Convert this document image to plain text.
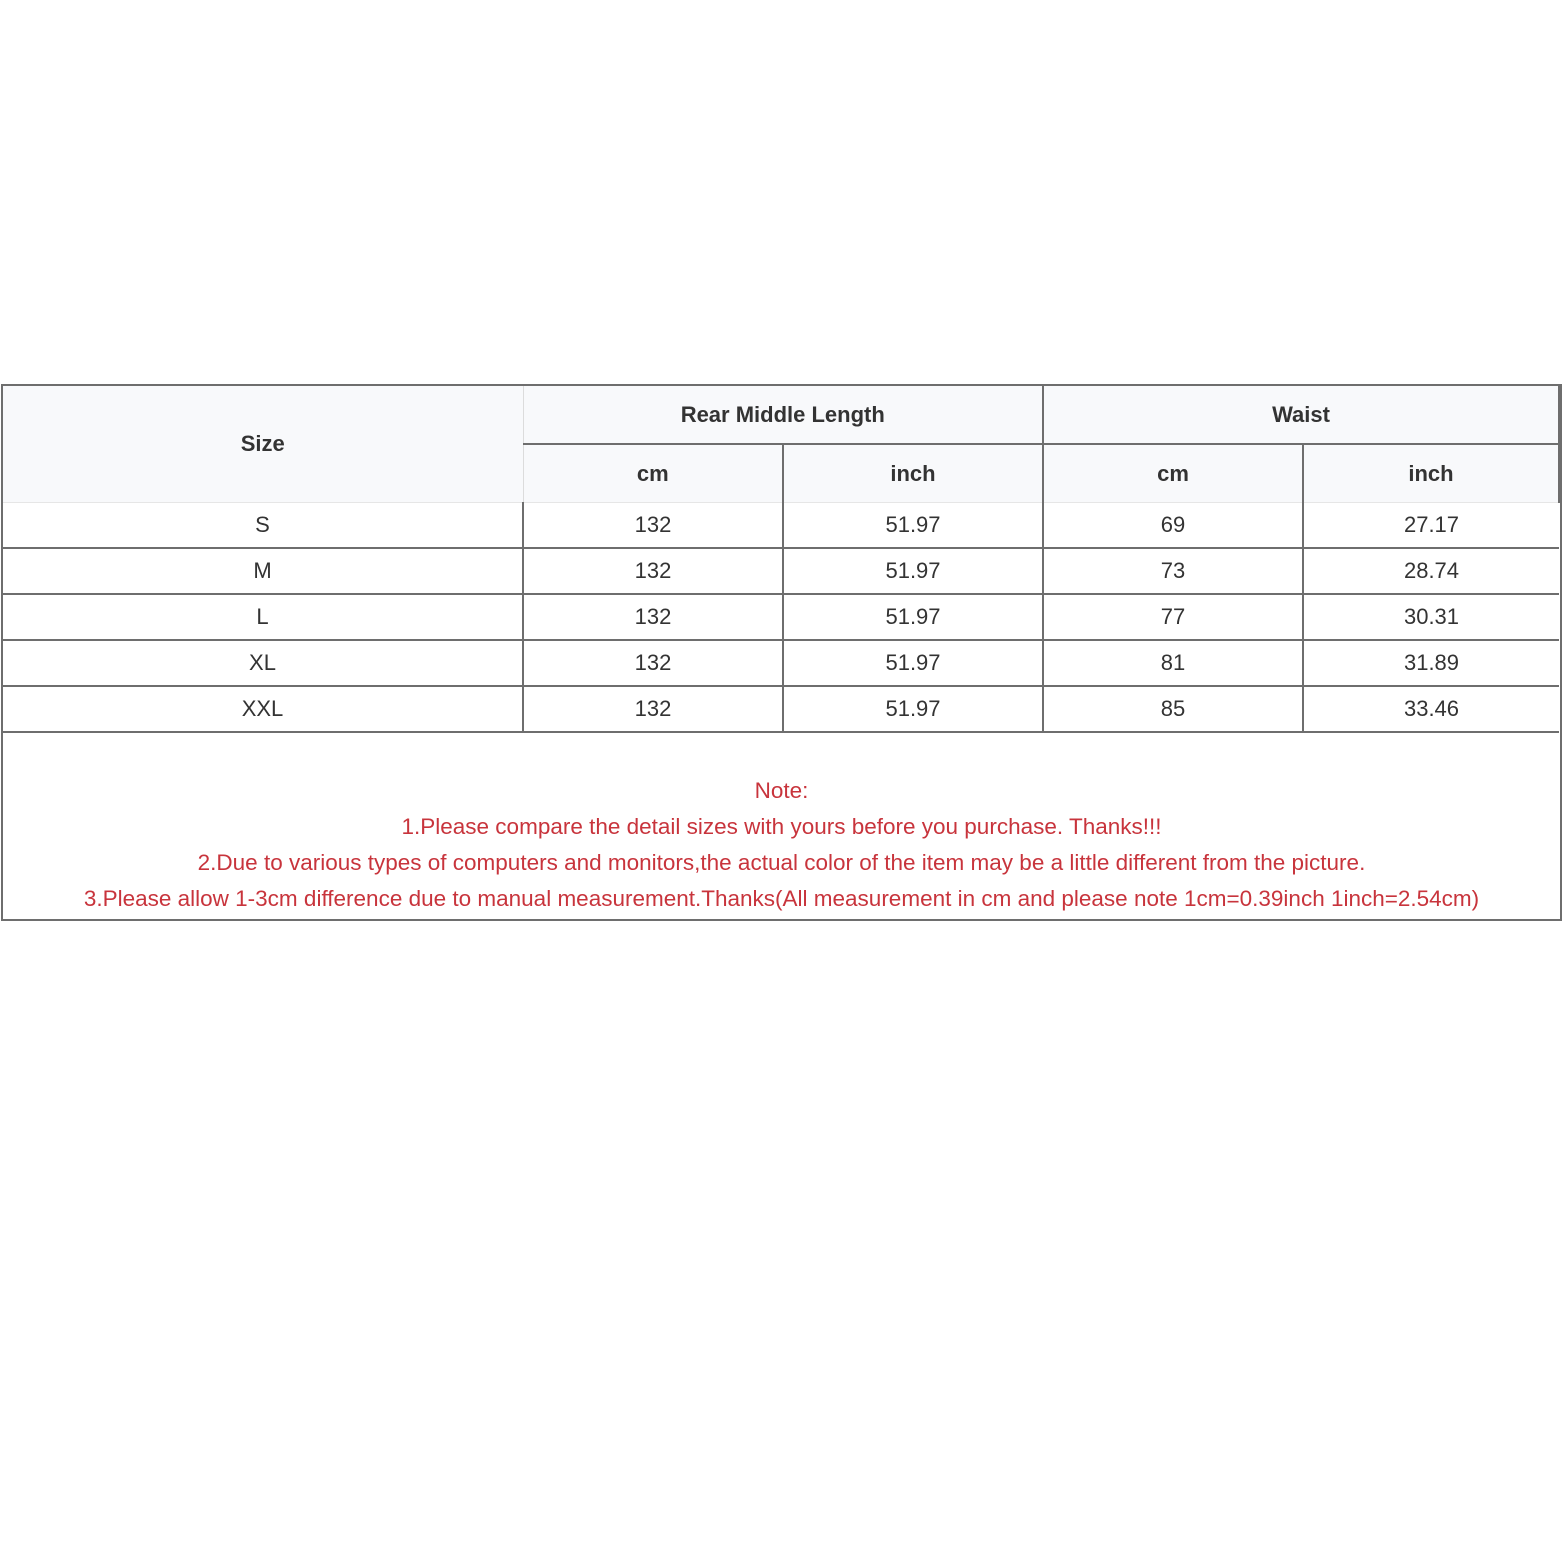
Size	Rear Middle Length		Waist	
	cm	inch	cm	inch
S	132	51.97	69	27.17
M	132	51.97	73	28.74
L	132	51.97	77	30.31
XL	132	51.97	81	31.89
XXL	132	51.97	85	33.46
Note:
1.Please compare the detail sizes with yours before you purchase. Thanks!!!
2.Due to various types of computers and monitors,the actual color of the item may be a little different from the picture.
3.Please allow 1-3cm difference due to manual measurement.Thanks(All measurement in cm and please note 1cm=0.39inch 1inch=2.54cm)
